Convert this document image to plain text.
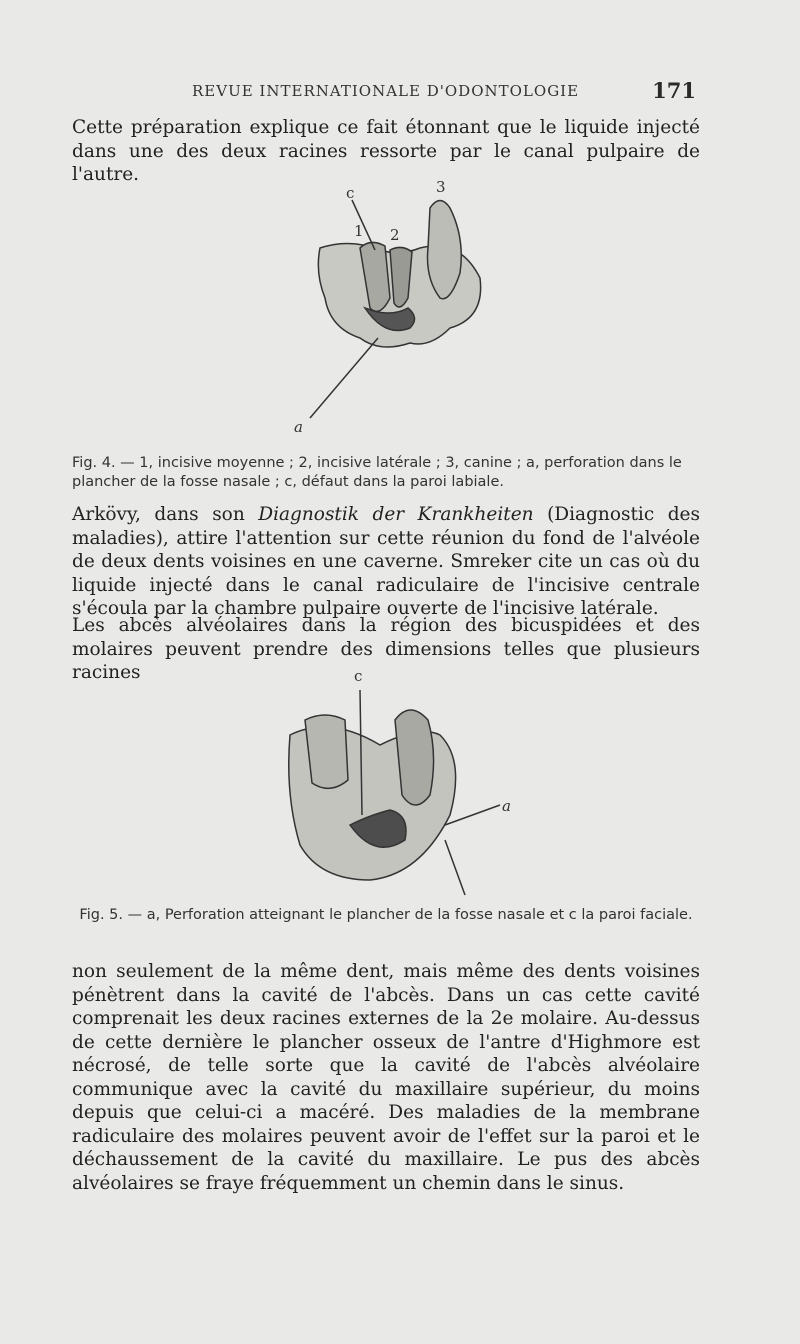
REVUE INTERNATIONALE D'ODONTOLOGIE	171

Cette préparation explique ce fait étonnant que le liquide injecté dans une des deux racines ressorte par le canal pulpaire de l'autre.

c	3
1 2
a

Fig. 4. — 1, incisive moyenne ; 2, incisive latérale ; 3, canine ; a, perforation dans le plancher de la fosse nasale ; c, défaut dans la paroi labiale.

Arkövy, dans son Diagnostik der Krankheiten (Diagnostic des maladies), attire l'attention sur cette réunion du fond de l'alvéole de deux dents voisines en une caverne. Smreker cite un cas où du liquide injecté dans le canal radiculaire de l'incisive centrale s'écoula par la chambre pulpaire ouverte de l'incisive latérale.

Les abcès alvéolaires dans la région des bicuspidées et des molaires peuvent prendre des dimensions telles que plusieurs racines	c
a

Fig. 5. — a, Perforation atteignant le plancher de la fosse nasale et c la paroi faciale.

non seulement de la même dent, mais même des dents voisines pénètrent dans la cavité de l'abcès. Dans un cas cette cavité comprenait les deux racines externes de la 2e molaire. Au-dessus de cette dernière le plancher osseux de l'antre d'Highmore est nécrosé, de telle sorte que la cavité de l'abcès alvéolaire communique avec la cavité du maxillaire supérieur, du moins depuis que celui-ci a macéré. Des maladies de la membrane radiculaire des molaires peuvent avoir de l'effet sur la paroi et le déchaussement de la cavité du maxillaire. Le pus des abcès alvéolaires se fraye fréquemment un chemin dans le sinus.
